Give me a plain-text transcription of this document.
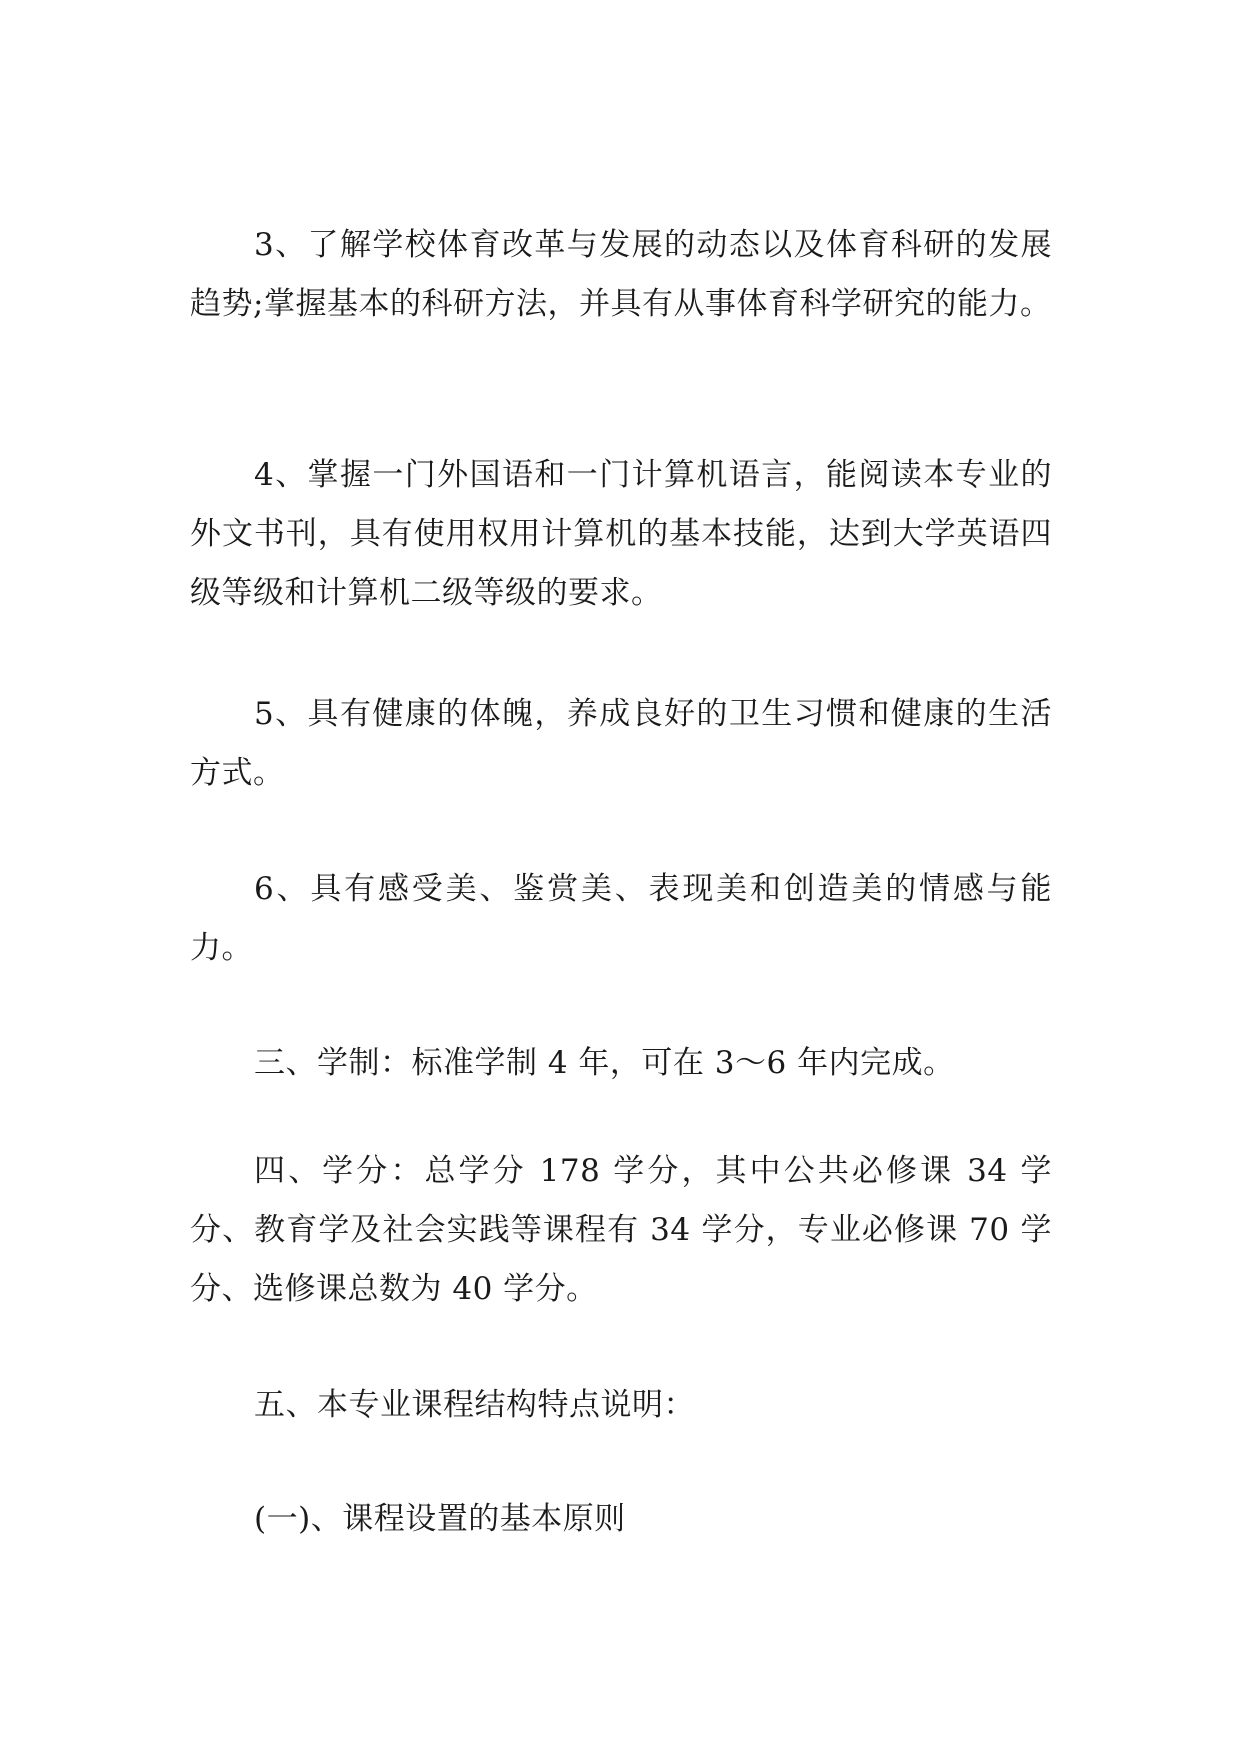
3、了解学校体育改革与发展的动态以及体育科研的发展趋势;掌握基本的科研方法，并具有从事体育科学研究的能力。

4、掌握一门外国语和一门计算机语言，能阅读本专业的外文书刊，具有使用权用计算机的基本技能，达到大学英语四级等级和计算机二级等级的要求。

5、具有健康的体魄，养成良好的卫生习惯和健康的生活方式。

6、具有感受美、鉴赏美、表现美和创造美的情感与能力。

三、学制：标准学制 4 年，可在 3～6 年内完成。

四、学分：总学分 178 学分，其中公共必修课 34 学分、教育学及社会实践等课程有 34 学分，专业必修课 70 学分、选修课总数为 40 学分。

五、本专业课程结构特点说明：

(一)、课程设置的基本原则
